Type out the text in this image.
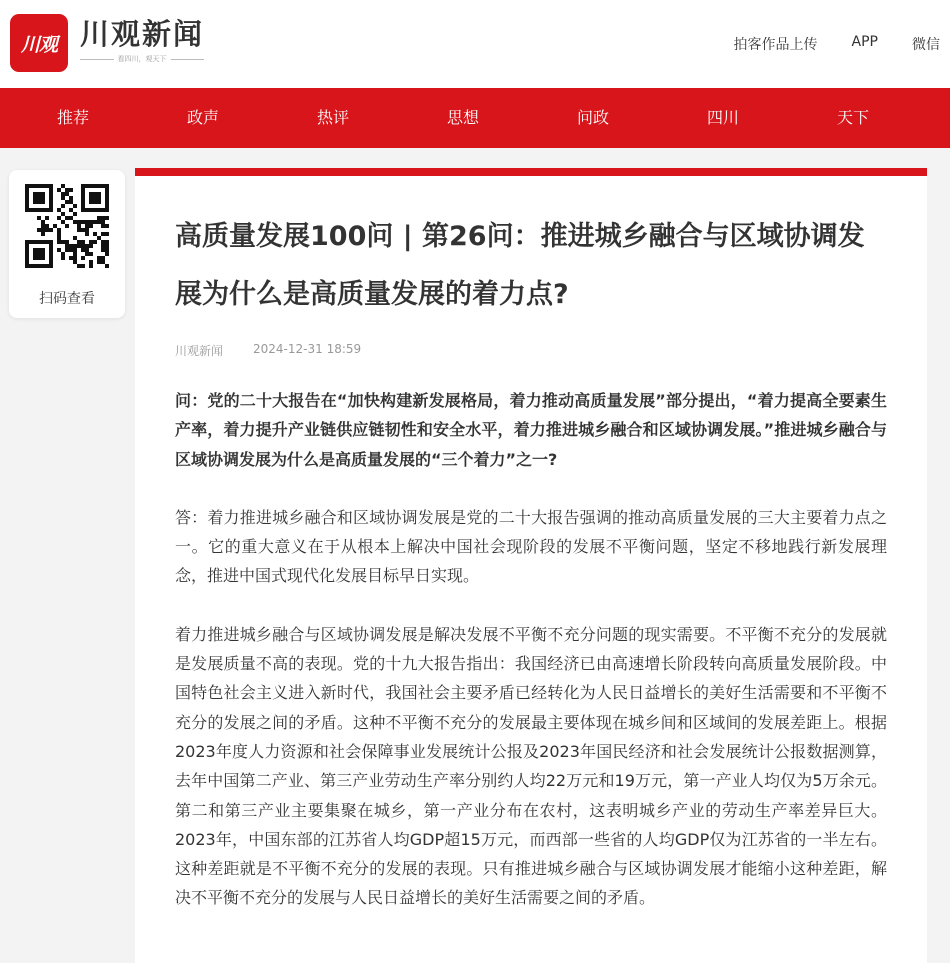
川观 川观新闻
看四川，观天下
拍客作品上传 APP 微信
推荐	政声	热评	思想	问政	四川	天下
扫码查看
高质量发展100问 | 第26问：推进城乡融合与区域协调发展为什么是高质量发展的着力点?
川观新闻	2024-12-31 18:59

问：党的二十大报告在“加快构建新发展格局，着力推动高质量发展”部分提出，“着力提高全要素生产率，着力提升产业链供应链韧性和安全水平，着力推进城乡融合和区域协调发展。”推进城乡融合与区域协调发展为什么是高质量发展的“三个着力”之一?

答：着力推进城乡融合和区域协调发展是党的二十大报告强调的推动高质量发展的三大主要着力点之一。它的重大意义在于从根本上解决中国社会现阶段的发展不平衡问题，坚定不移地践行新发展理念，推进中国式现代化发展目标早日实现。

着力推进城乡融合与区域协调发展是解决发展不平衡不充分问题的现实需要。不平衡不充分的发展就是发展质量不高的表现。党的十九大报告指出：我国经济已由高速增长阶段转向高质量发展阶段。中国特色社会主义进入新时代，我国社会主要矛盾已经转化为人民日益增长的美好生活需要和不平衡不充分的发展之间的矛盾。这种不平衡不充分的发展最主要体现在城乡间和区域间的发展差距上。根据2023年度人力资源和社会保障事业发展统计公报及2023年国民经济和社会发展统计公报数据测算，去年中国第二产业、第三产业劳动生产率分别约人均22万元和19万元，第一产业人均仅为5万余元。第二和第三产业主要集聚在城乡，第一产业分布在农村，这表明城乡产业的劳动生产率差异巨大。2023年，中国东部的江苏省人均GDP超15万元，而西部一些省的人均GDP仅为江苏省的一半左右。这种差距就是不平衡不充分的发展的表现。只有推进城乡融合与区域协调发展才能缩小这种差距，解决不平衡不充分的发展与人民日益增长的美好生活需要之间的矛盾。
